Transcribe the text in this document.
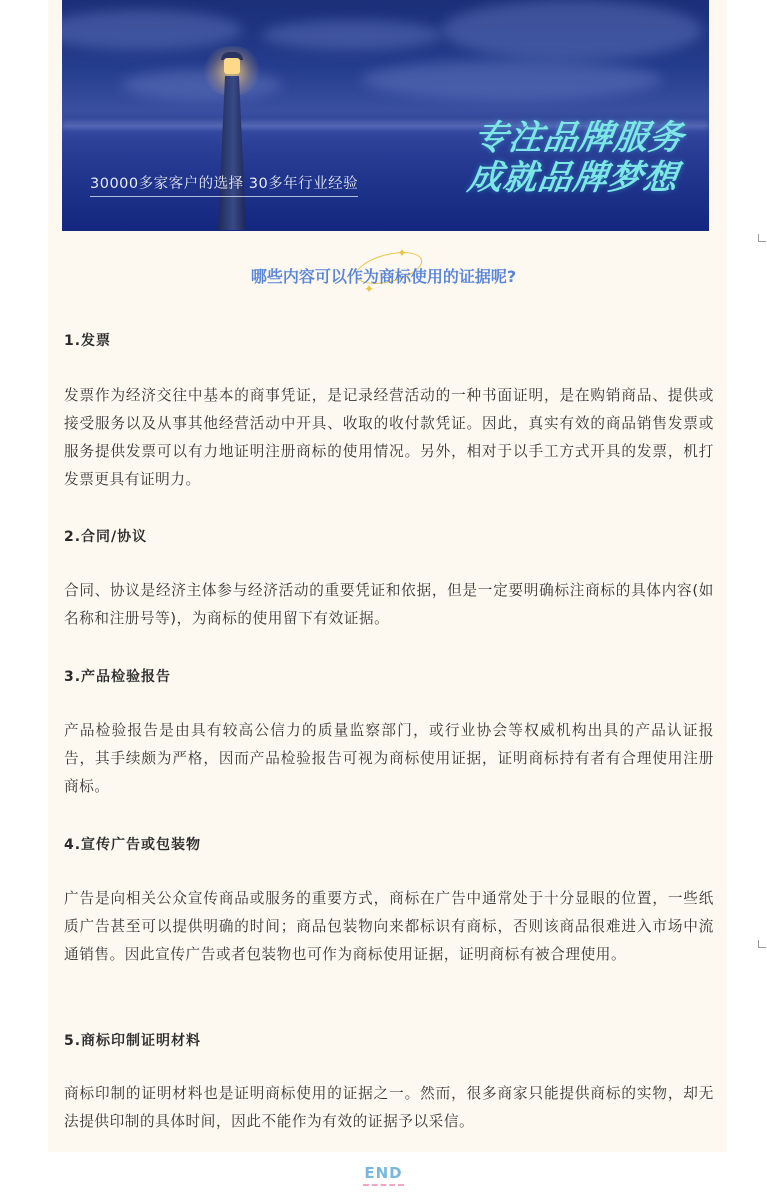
专注品牌服务
成就品牌梦想
30000多家客户的选择 30多年行业经验
✦
✦
哪些内容可以作为商标使用的证据呢?
1.发票

发票作为经济交往中基本的商事凭证，是记录经营活动的一种书面证明，是在购销商品、提供或接受服务以及从事其他经营活动中开具、收取的收付款凭证。因此，真实有效的商品销售发票或服务提供发票可以有力地证明注册商标的使用情况。另外，相对于以手工方式开具的发票，机打发票更具有证明力。

2.合同/协议

合同、协议是经济主体参与经济活动的重要凭证和依据，但是一定要明确标注商标的具体内容(如名称和注册号等)，为商标的使用留下有效证据。

3.产品检验报告

产品检验报告是由具有较高公信力的质量监察部门，或行业协会等权威机构出具的产品认证报告，其手续颇为严格，因而产品检验报告可视为商标使用证据，证明商标持有者有合理使用注册商标。

4.宣传广告或包装物

广告是向相关公众宣传商品或服务的重要方式，商标在广告中通常处于十分显眼的位置，一些纸质广告甚至可以提供明确的时间；商品包装物向来都标识有商标，否则该商品很难进入市场中流通销售。因此宣传广告或者包装物也可作为商标使用证据，证明商标有被合理使用。

5.商标印制证明材料

商标印制的证明材料也是证明商标使用的证据之一。然而，很多商家只能提供商标的实物，却无法提供印制的具体时间，因此不能作为有效的证据予以采信。

END
